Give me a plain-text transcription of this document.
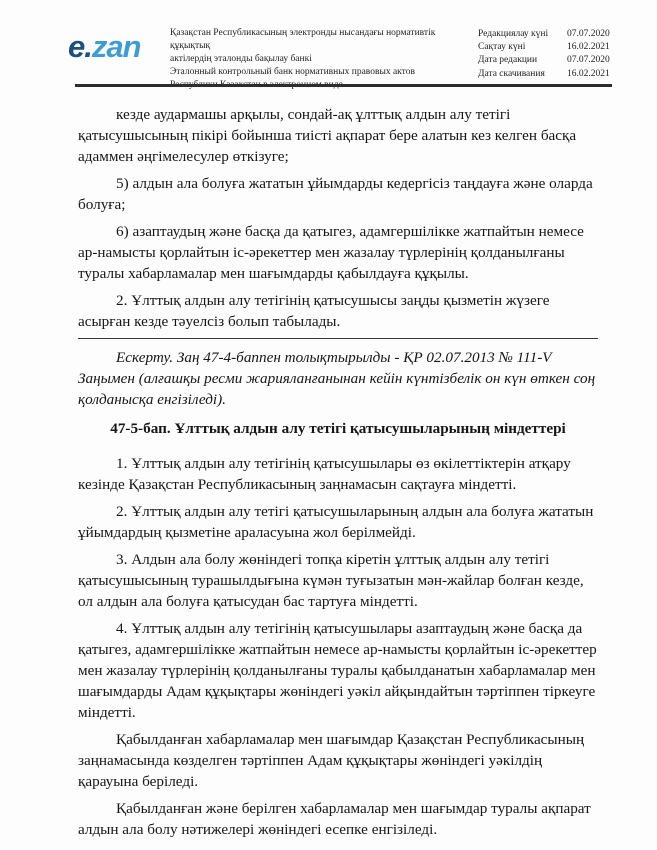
e.zan	Қазақстан Республикасының электронды нысандағы нормативтік құқықтық
актілердің эталонды бақылау банкі
Эталонный контрольный банк нормативных правовых актов
Редакциялау күні	07.07.2020
Сақтау күні	16.02.2021
Дата редакции	07.07.2020
Дата скачивания	16.02.2021

кезде аудармашы арқылы, сондай-ақ ұлттық алдын алу тетігі қатысушысының пікірі бойынша тиісті ақпарат бере алатын кез келген басқа адаммен әңгімелесулер өткізуге;

5) алдын ала болуға жататын ұйымдарды кедергісіз таңдауға және оларда болуға;

6) азаптаудың және басқа да қатыгез, адамгершілікке жатпайтын немесе ар-намысты қорлайтын іс-әрекеттер мен жазалау түрлерінің қолданылғаны туралы хабарламалар мен шағымдарды қабылдауға құқылы.

2. Ұлттық алдын алу тетігінің қатысушысы заңды қызметін жүзеге асырған кезде тәуелсіз болып табылады.

Ескерту. Заң 47-4-баппен толықтырылды - ҚР 02.07.2013 № 111-V Заңымен (алғашқы ресми жарияланғанынан кейін күнтізбелік он күн өткен соң қолданысқа енгізіледі).

47-5-бап. Ұлттық алдын алу тетігі қатысушыларының міндеттері

1. Ұлттық алдын алу тетігінің қатысушылары өз өкілеттіктерін атқару кезінде Қазақстан Республикасының заңнамасын сақтауға міндетті.

2. Ұлттық алдын алу тетігі қатысушыларының алдын ала болуға жататын ұйымдардың қызметіне араласуына жол берілмейді.

3. Алдын ала болу жөніндегі топқа кіретін ұлттық алдын алу тетігі қатысушысының турашылдығына күмән туғызатын мән-жайлар болған кезде, ол алдын ала болуға қатысудан бас тартуға міндетті.

4. Ұлттық алдын алу тетігінің қатысушылары азаптаудың және басқа да қатыгез, адамгершілікке жатпайтын немесе ар-намысты қорлайтын іс-әрекеттер мен жазалау түрлерінің қолданылғаны туралы қабылданатын хабарламалар мен шағымдарды Адам құқықтары жөніндегі уәкіл айқындайтын тәртіппен тіркеуге міндетті.

Қабылданған хабарламалар мен шағымдар Қазақстан Республикасының заңнамасында көзделген тәртіппен Адам құқықтары жөніндегі уәкілдің қарауына беріледі.

Қабылданған және берілген хабарламалар мен шағымдар туралы ақпарат алдын ала болу нәтижелері жөніндегі есепке енгізіледі.
